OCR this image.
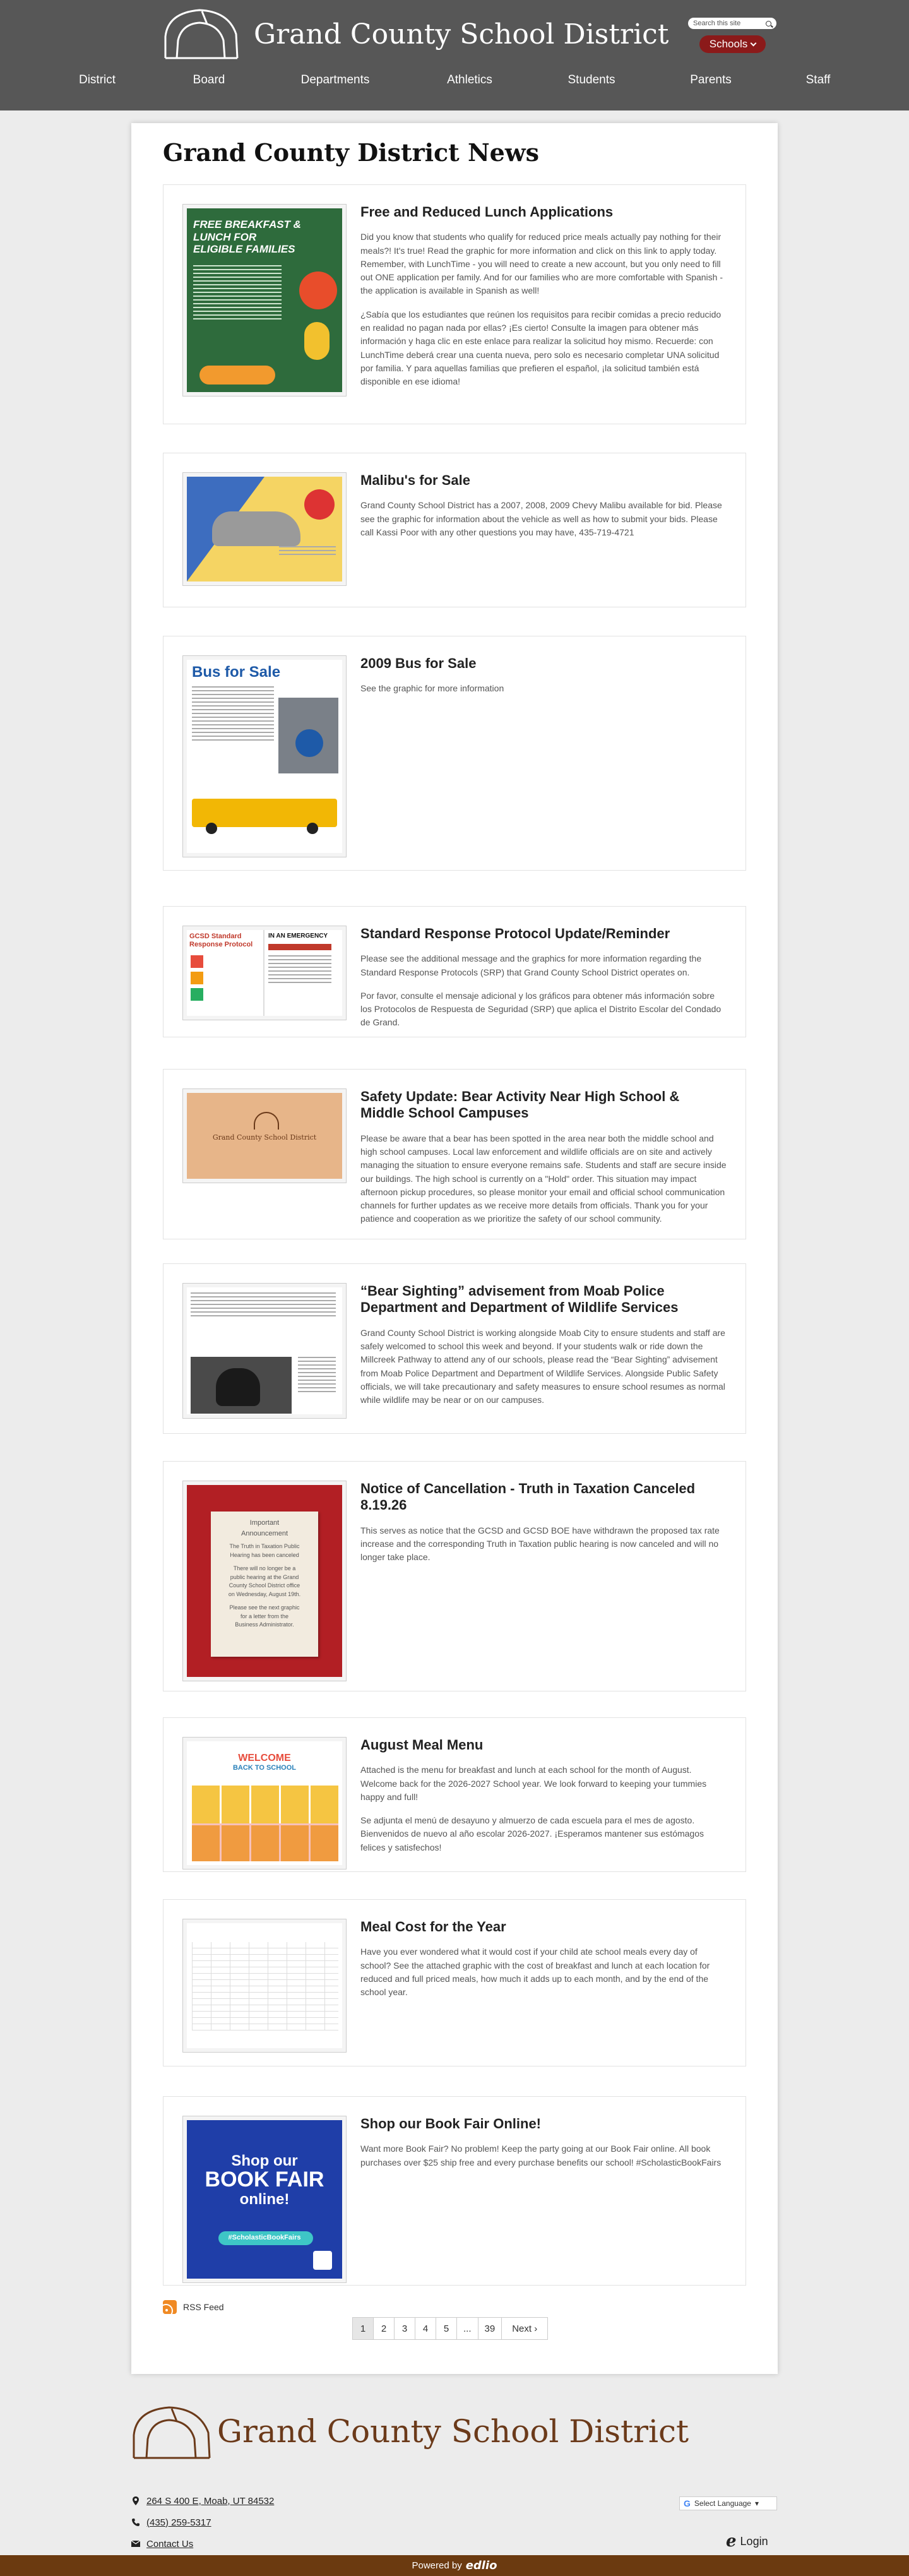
Grand County School District	Search this site
Schools
District	Board	Departments	Athletics	Students	Parents	Staff
Grand County District News
FREE BREAKFAST &
LUNCH FOR
ELIGIBLE FAMILIES
Free and Reduced Lunch Applications

Did you know that students who qualify for reduced price meals actually pay nothing for their meals?! It's true! Read the graphic for more information and click on this link to apply today. Remember, with LunchTime - you will need to create a new account, but you only need to fill out ONE application per family. And for our families who are more comfortable with Spanish - the application is available in Spanish as well!

¿Sabía que los estudiantes que reúnen los requisitos para recibir comidas a precio reducido en realidad no pagan nada por ellas? ¡Es cierto! Consulte la imagen para obtener más información y haga clic en este enlace para realizar la solicitud hoy mismo. Recuerde: con LunchTime deberá crear una cuenta nueva, pero solo es necesario completar UNA solicitud por familia. Y para aquellas familias que prefieren el español, ¡la solicitud también está disponible en ese idioma!

Malibu's for Sale

Grand County School District has a 2007, 2008, 2009 Chevy Malibu available for bid. Please see the graphic for information about the vehicle as well as how to submit your bids. Please call Kassi Poor with any other questions you may have, 435-719-4721

Bus for Sale
2009 Bus for Sale

See the graphic for more information

GCSD Standard
Response Protocol
IN AN EMERGENCY Standard Response Protocol Update/Reminder

Please see the additional message and the graphics for more information regarding the Standard Response Protocols (SRP) that Grand County School District operates on.

Por favor, consulte el mensaje adicional y los gráficos para obtener más información sobre los Protocolos de Respuesta de Seguridad (SRP) que aplica el Distrito Escolar del Condado de Grand.

Grand County School District
Safety Update: Bear Activity Near High School & Middle School Campuses

Please be aware that a bear has been spotted in the area near both the middle school and high school campuses. Local law enforcement and wildlife officials are on site and actively managing the situation to ensure everyone remains safe. Students and staff are secure inside our buildings. The high school is currently on a "Hold" order. This situation may impact afternoon pickup procedures, so please monitor your email and official school communication channels for further updates as we receive more details from officials. Thank you for your patience and cooperation as we prioritize the safety of our school community.

“Bear Sighting” advisement from Moab Police Department and Department of Wildlife Services

Grand County School District is working alongside Moab City to ensure students and staff are safely welcomed to school this week and beyond. If your students walk or ride down the Millcreek Pathway to attend any of our schools, please read the “Bear Sighting” advisement from Moab Police Department and Department of Wildlife Services. Alongside Public Safety officials, we will take precautionary and safety measures to ensure school resumes as normal while wildlife may be near or on our campuses.

Important
Announcement
The Truth in Taxation Public
Hearing has been canceled
There will no longer be a
public hearing at the Grand
County School District office
on Wednesday, August 19th.
Please see the next graphic
for a letter from the
Business Administrator.
Notice of Cancellation - Truth in Taxation Canceled 8.19.26

This serves as notice that the GCSD and GCSD BOE have withdrawn the proposed tax rate increase and the corresponding Truth in Taxation public hearing is now canceled and will no longer take place.

WELCOME
BACK TO SCHOOL
August Meal Menu

Attached is the menu for breakfast and lunch at each school for the month of August. Welcome back for the 2026-2027 School year. We look forward to keeping your tummies happy and full!

Se adjunta el menú de desayuno y almuerzo de cada escuela para el mes de agosto. Bienvenidos de nuevo al año escolar 2026-2027. ¡Esperamos mantener sus estómagos felices y satisfechos!

Meal Cost for the Year

Have you ever wondered what it would cost if your child ate school meals every day of school? See the attached graphic with the cost of breakfast and lunch at each location for reduced and full priced meals, how much it adds up to each month, and by the end of the school year.

Shop our
BOOK FAIR
online!
#ScholasticBookFairs
Shop our Book Fair Online!

Want more Book Fair? No problem! Keep the party going at our Book Fair online. All book purchases over $25 ship free and every purchase benefits our school! #ScholasticBookFairs

RSS Feed
1	2	3	4	5	...	39	Next ›
Grand County School District
264 S 400 E, Moab, UT 84532
(435) 259-5317
Contact Us
G Select Language ▾
e Login
Powered by edlio
